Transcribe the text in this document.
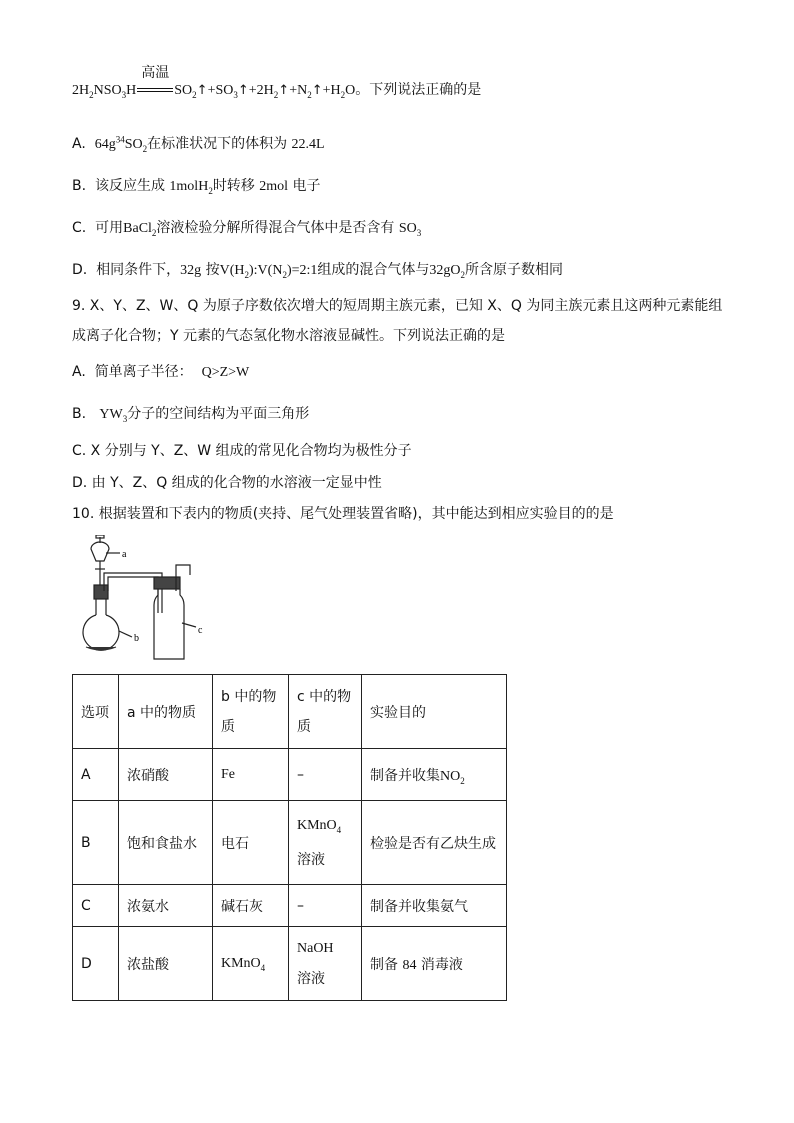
$2H_2NSO_3H$
高温
$SO_2↑+SO_3↑+2H_2↑+N_2↑+H_2O$。下列说法正确的是
A. $64g^{34}SO_2$在标准状况下的体积为 22.4L
B. 该反应生成 1molH$_2$时转移 2mol 电子
C. 可用BaCl$_2$溶液检验分解所得混合气体中是否含有 $SO_3$
D. 相同条件下，32g 按$V(H_2):V(N_2)=2:1$组成的混合气体与$32gO_2$所含原子数相同
9. X、Y、Z、W、Q 为原子序数依次增大的短周期主族元素，已知 X、Q 为同主族元素且这两种元素能组
成离子化合物；Y 元素的气态氢化物水溶液显碱性。下列说法正确的是
A. 简单离子半径： Q>Z>W
B. $YW_3$分子的空间结构为平面三角形
C. X 分别与 Y、Z、W 组成的常见化合物均为极性分子
D. 由 Y、Z、Q 组成的化合物的水溶液一定显中性
10. 根据装置和下表内的物质(夹持、尾气处理装置省略)，其中能达到相应实验目的的是
a
b
c
选项	a 中的物质	b 中的物
质	c 中的物
质	实验目的
A	浓硝酸	Fe	–	制备并收集$NO_2$
B	饱和食盐水	电石	KMnO$_4$
溶液	检验是否有乙炔生成
C	浓氨水	碱石灰	–	制备并收集氨气
D	浓盐酸	KMnO$_4$	NaOH
溶液	制备 84 消毒液
